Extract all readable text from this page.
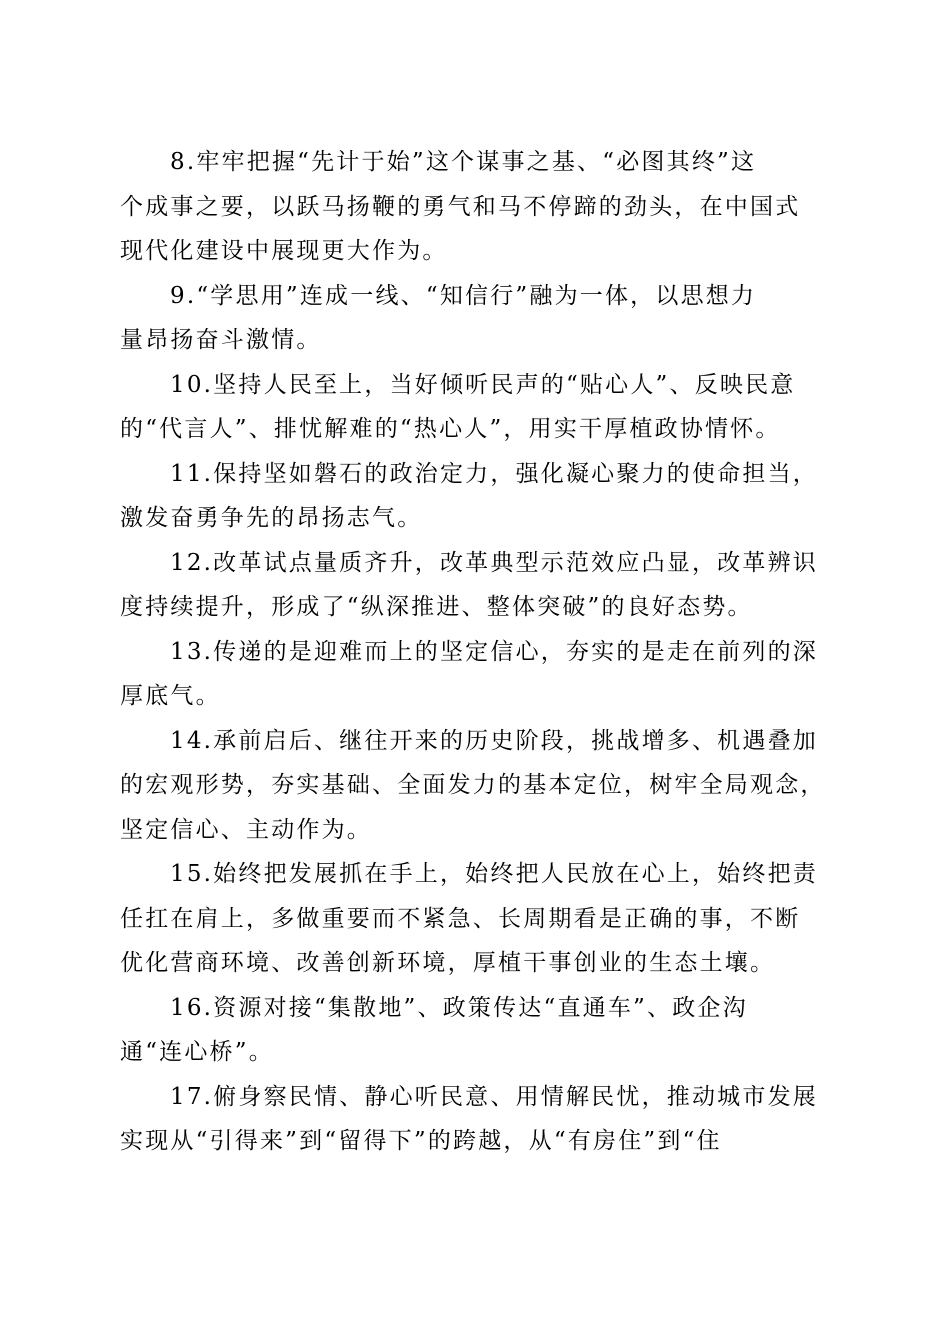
8.牢牢把握“先计于始”这个谋事之基、“必图其终”这
个成事之要，以跃马扬鞭的勇气和马不停蹄的劲头，在中国式
现代化建设中展现更大作为。
9.“学思用”连成一线、“知信行”融为一体，以思想力
量昂扬奋斗激情。
10.坚持人民至上，当好倾听民声的“贴心人”、反映民意
的“代言人”、排忧解难的“热心人”，用实干厚植政协情怀。
11.保持坚如磐石的政治定力，强化凝心聚力的使命担当，
激发奋勇争先的昂扬志气。
12.改革试点量质齐升，改革典型示范效应凸显，改革辨识
度持续提升，形成了“纵深推进、整体突破”的良好态势。
13.传递的是迎难而上的坚定信心，夯实的是走在前列的深
厚底气。
14.承前启后、继往开来的历史阶段，挑战增多、机遇叠加
的宏观形势，夯实基础、全面发力的基本定位，树牢全局观念，
坚定信心、主动作为。
15.始终把发展抓在手上，始终把人民放在心上，始终把责
任扛在肩上，多做重要而不紧急、长周期看是正确的事，不断
优化营商环境、改善创新环境，厚植干事创业的生态土壤。
16.资源对接“集散地”、政策传达“直通车”、政企沟
通“连心桥”。
17.俯身察民情、静心听民意、用情解民忧，推动城市发展
实现从“引得来”到“留得下”的跨越，从“有房住”到“住
